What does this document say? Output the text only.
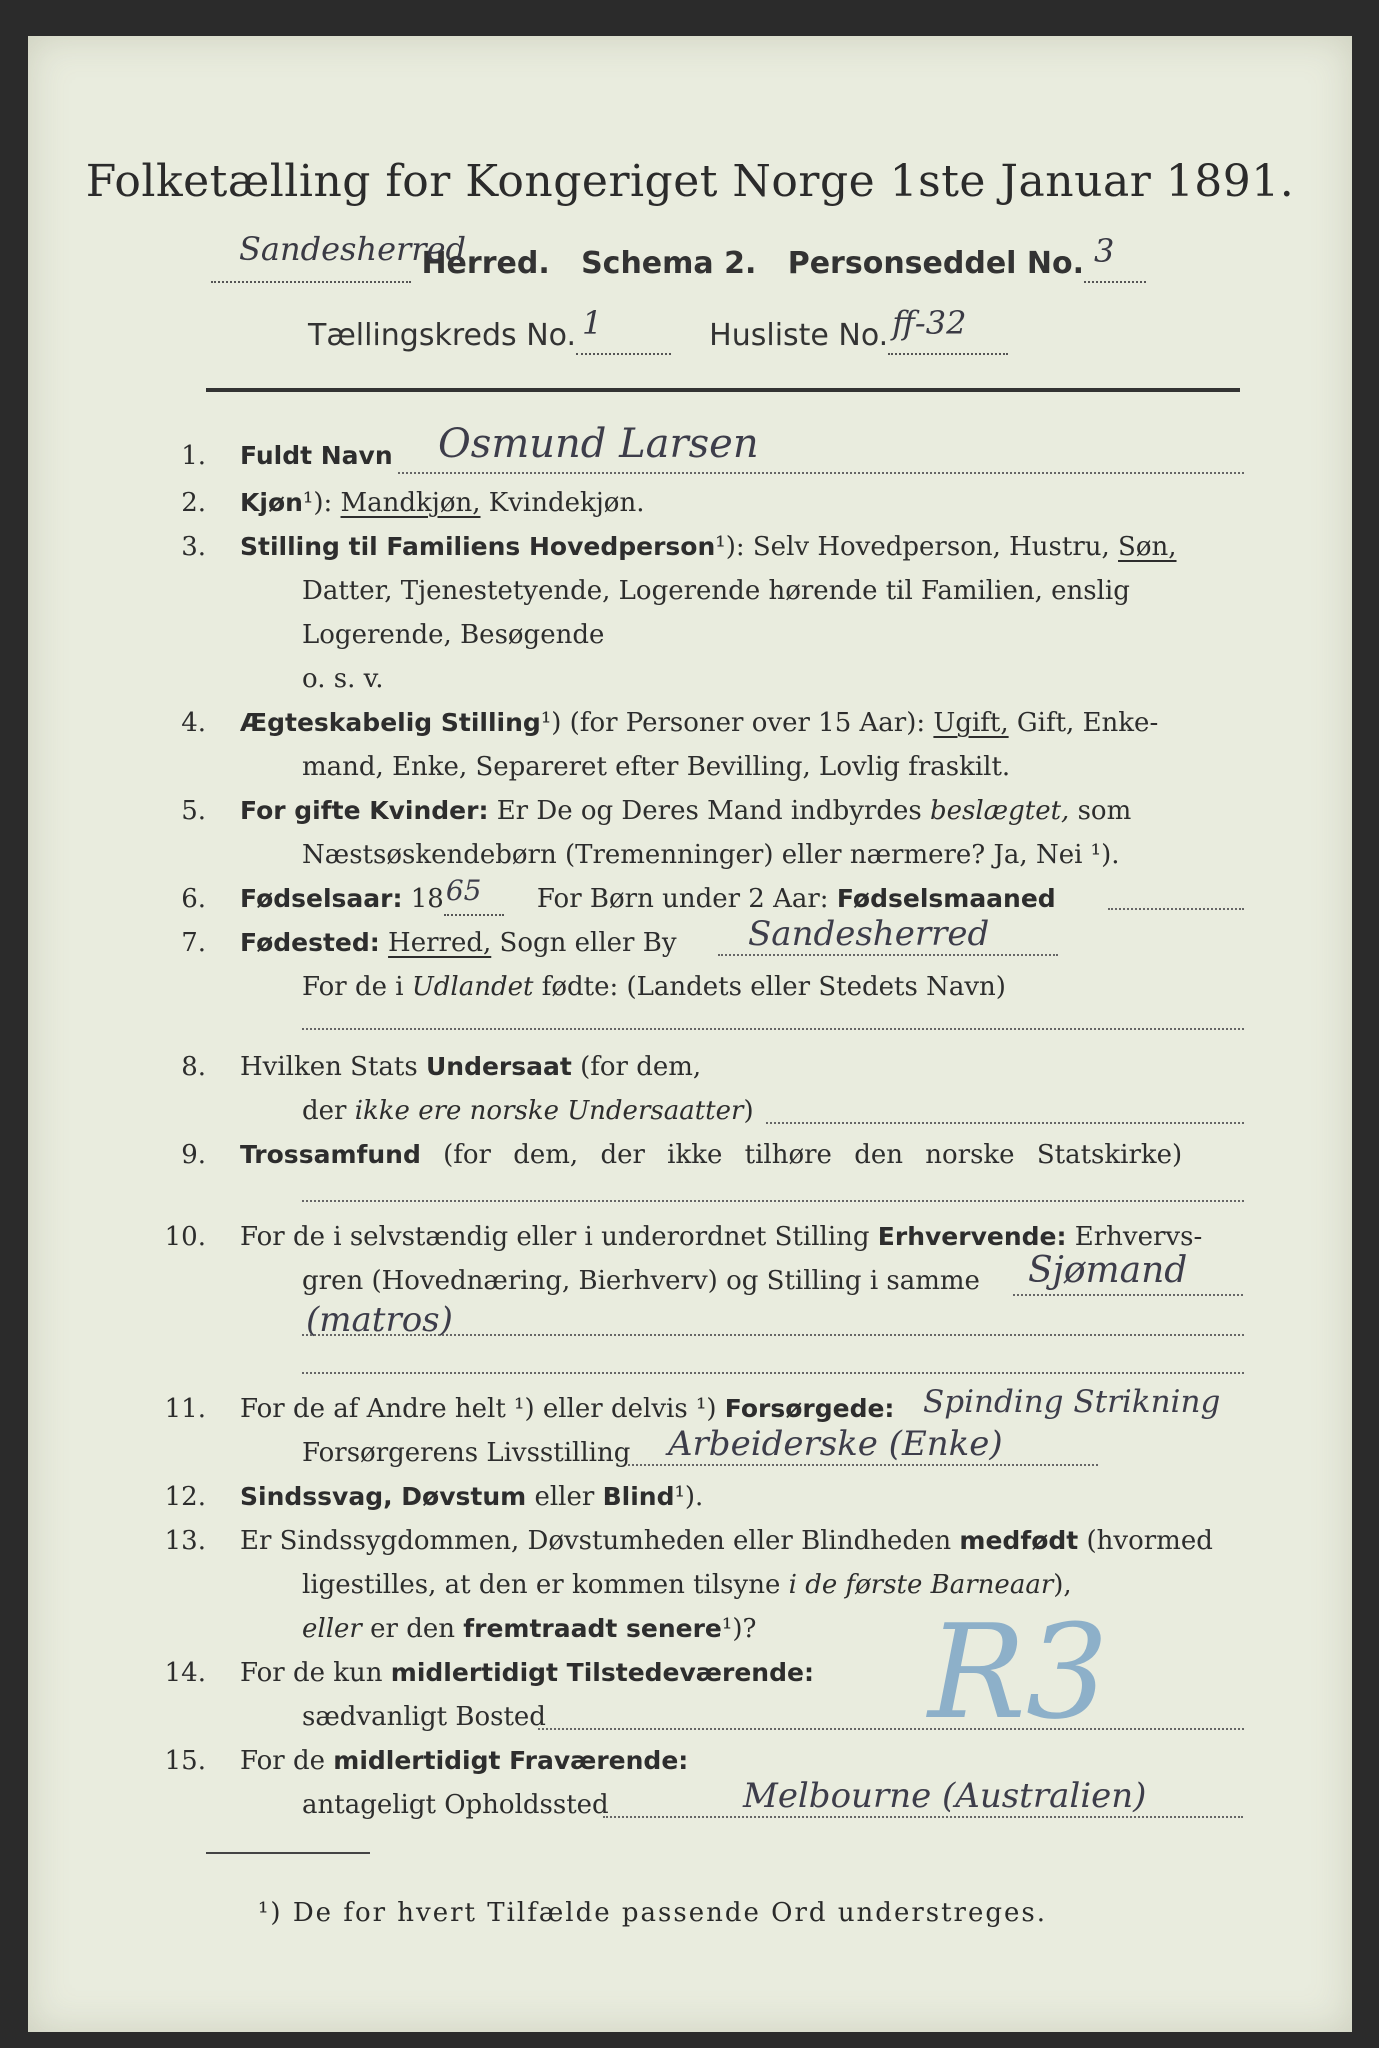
Folketælling for Kongeriget Norge 1ste Januar 1891.
Sandesherred
Herred. Schema 2. Personseddel No. 3

Tællingskreds No. 1	Husliste No. ff-32

1. Fuldt Navn Osmund Larsen
2. Kjøn¹): Mandkjøn, Kvindekjøn.
3. Stilling til Familiens Hovedperson¹): Selv Hovedperson, Hustru, Søn,
Datter, Tjenestetyende, Logerende hørende til Familien, enslig
Logerende, Besøgende
o. s. v.
4. Ægteskabelig Stilling¹) (for Personer over 15 Aar): Ugift, Gift, Enke-
mand, Enke, Separeret efter Bevilling, Lovlig fraskilt.
5. For gifte Kvinder: Er De og Deres Mand indbyrdes beslægtet, som
Næstsøskendebørn (Tremenninger) eller nærmere? Ja, Nei ¹).
6. Fødselsaar: 18 65 For Børn under 2 Aar: Fødselsmaaned
7. Fødested: Herred, Sogn eller By Sandesherred
For de i Udlandet fødte: (Landets eller Stedets Navn)
8. Hvilken Stats Undersaat (for dem,
der ikke ere norske Undersaatter)
9. Trossamfund (for dem, der ikke tilhøre den norske Statskirke)
10. For de i selvstændig eller i underordnet Stilling Erhvervende: Erhvervs-
gren (Hovednæring, Bierhverv) og Stilling i samme Sjømand
(matros)
11. For de af Andre helt ¹) eller delvis ¹) Forsørgede: Spinding Strikning
Forsørgerens Livsstilling Arbeiderske (Enke)
12. Sindssvag, Døvstum eller Blind¹).
13. Er Sindssygdommen, Døvstumheden eller Blindheden medfødt (hvormed
ligestilles, at den er kommen tilsyne i de første Barneaar),
eller er den fremtraadt senere¹)?
14. For de kun midlertidigt Tilstedeværende:
sædvanligt Bosted	R3
15. For de midlertidigt Fraværende:
antageligt Opholdssted	Melbourne (Australien)
¹) De for hvert Tilfælde passende Ord understreges.
